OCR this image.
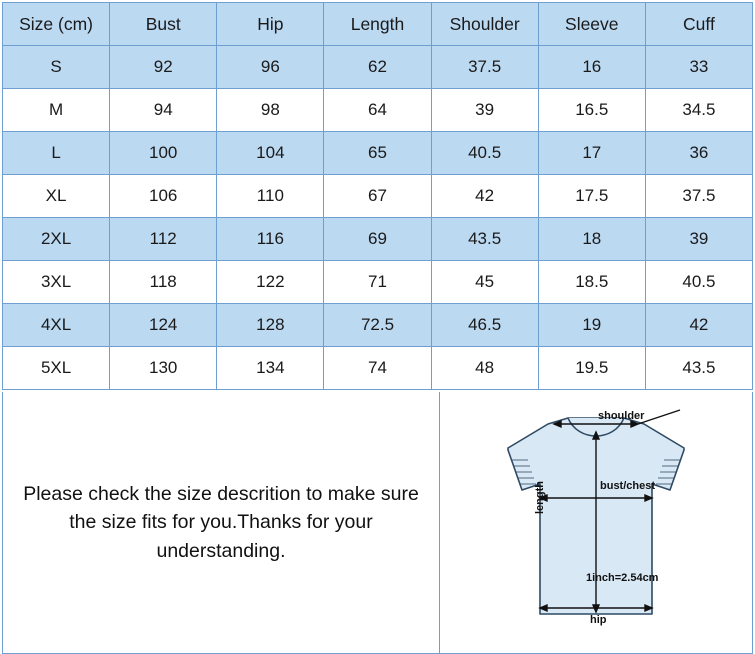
Size (cm)	Bust	Hip	Length	Shoulder	Sleeve	Cuff
S	92	96	62	37.5	16	33
M	94	98	64	39	16.5	34.5
L	100	104	65	40.5	17	36
XL	106	110	67	42	17.5	37.5
2XL	112	116	69	43.5	18	39
3XL	118	122	71	45	18.5	40.5
4XL	124	128	72.5	46.5	19	42
5XL	130	134	74	48	19.5	43.5
Please check the size descrition to make sure the size fits for you.Thanks for your understanding.
shoulder
bust/chest
length
1inch=2.54cm
hip
